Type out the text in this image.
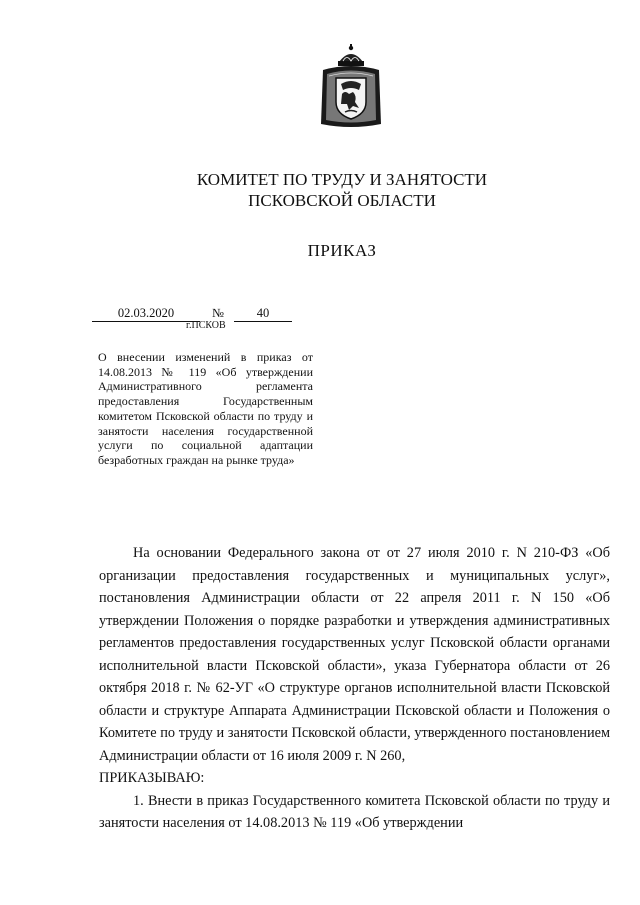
КОМИТЕТ ПО ТРУДУ И ЗАНЯТОСТИ
ПСКОВСКОЙ ОБЛАСТИ
ПРИКАЗ
02.03.2020	№	40
г.ПСКОВ
О внесении изменений в приказ от 14.08.2013 № 119 «Об утверждении Административного регламента предоставления Государственным комитетом Псковской области по труду и занятости населения государственной услуги по социальной адаптации безработных граждан на рынке труда»

На основании Федерального закона от от 27 июля 2010 г. N 210-ФЗ «Об организации предоставления государственных и муниципальных услуг», постановления Администрации области от 22 апреля 2011 г. N 150 «Об утверждении Положения о порядке разработки и утверждения административных регламентов предоставления государственных услуг Псковской области органами исполнительной власти Псковской области», указа Губернатора области от 26 октября 2018 г. № 62-УГ «О структуре органов исполнительной власти Псковской области и структуре Аппарата Администрации Псковской области и Положения о Комитете по труду и занятости Псковской области, утвержденного постановлением Администрации области от 16 июля 2009 г. N 260,

ПРИКАЗЫВАЮ:

1. Внести в приказ Государственного комитета Псковской области по труду и занятости населения от 14.08.2013 № 119 «Об утверждении
